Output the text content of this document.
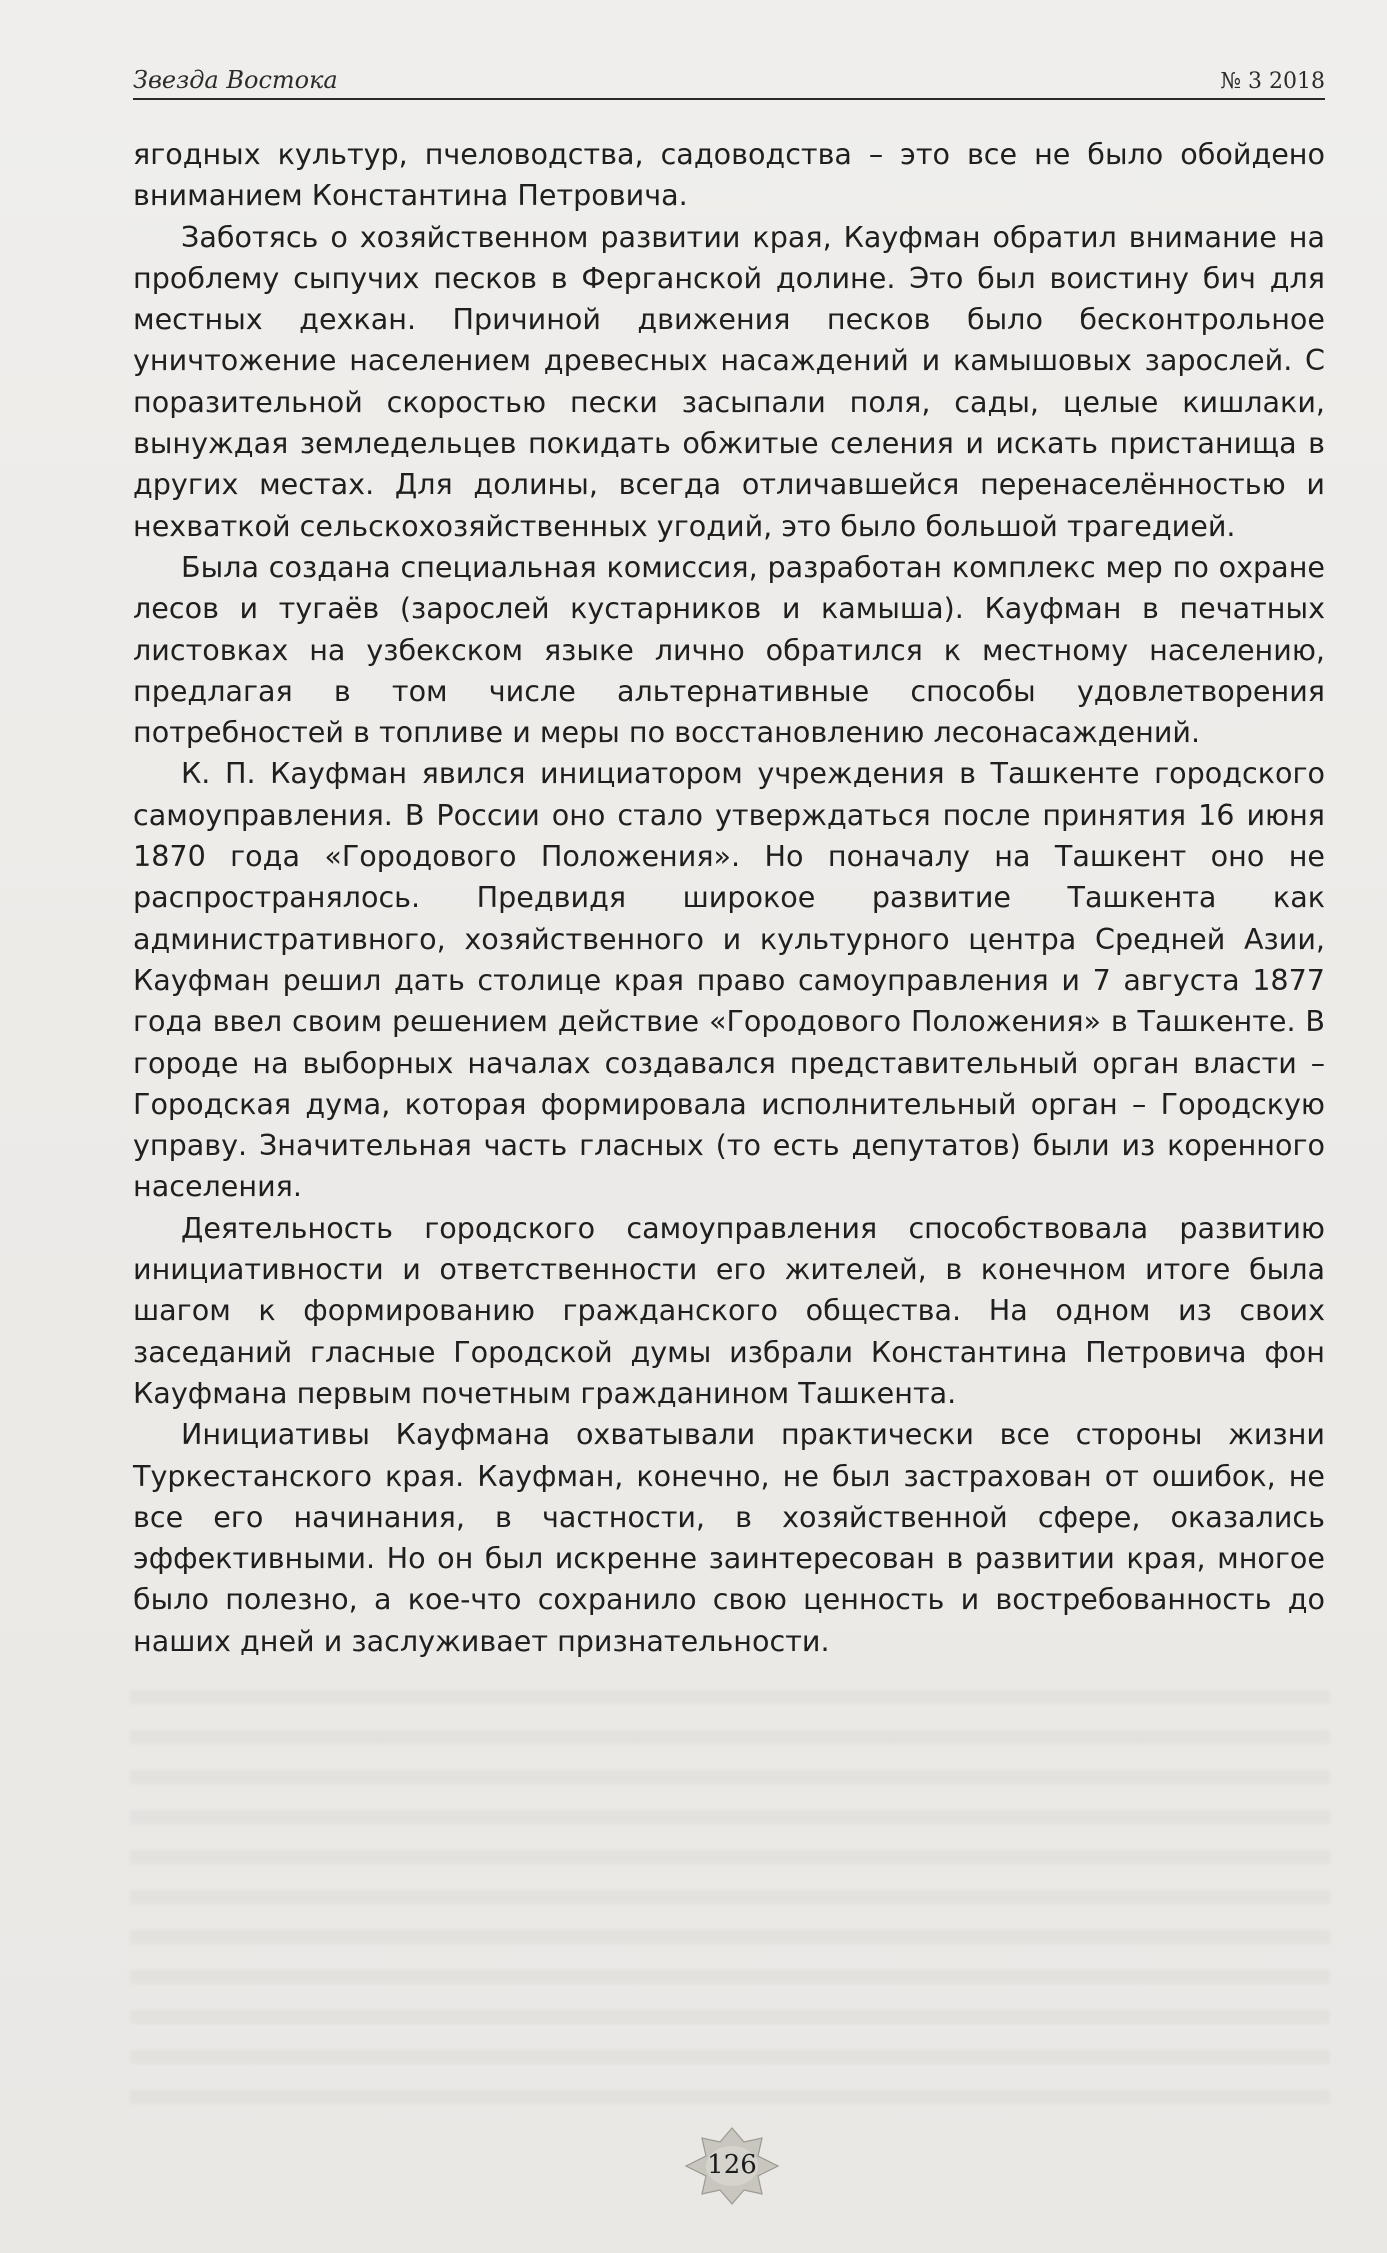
Звезда Востока	№ 3 2018

ягодных культур, пчеловодства, садоводства – это все не было обойдено вниманием Константина Петровича.

Заботясь о хозяйственном развитии края, Кауфман обратил внимание на проблему сыпучих песков в Ферганской долине. Это был воистину бич для местных дехкан. Причиной движения песков было бесконтрольное уничтожение населением древесных насаждений и камышовых зарослей. С поразительной скоростью пески засыпали поля, сады, целые кишлаки, вынуждая земледельцев покидать обжитые селения и искать пристанища в других местах. Для долины, всегда отличавшейся перенаселённостью и нехваткой сельскохозяйственных угодий, это было большой трагедией.

Была создана специальная комиссия, разработан комплекс мер по охране лесов и тугаёв (зарослей кустарников и камыша). Кауфман в печатных листовках на узбекском языке лично обратился к местному населению, предлагая в том числе альтернативные способы удовлетворения потребностей в топливе и меры по восстановлению лесонасаждений.

К. П. Кауфман явился инициатором учреждения в Ташкенте городского самоуправления. В России оно стало утверждаться после принятия 16 июня 1870 года «Городового Положения». Но поначалу на Ташкент оно не распространялось. Предвидя широкое развитие Ташкента как административного, хозяйственного и культурного центра Средней Азии, Кауфман решил дать столице края право самоуправления и 7 августа 1877 года ввел своим решением действие «Городового Положения» в Ташкенте. В городе на выборных началах создавался представительный орган власти – Городская дума, которая формировала исполнительный орган – Городскую управу. Значительная часть гласных (то есть депутатов) были из коренного населения.

Деятельность городского самоуправления способствовала развитию инициативности и ответственности его жителей, в конечном итоге была шагом к формированию гражданского общества. На одном из своих заседаний гласные Городской думы избрали Константина Петровича фон Кауфмана первым почетным гражданином Ташкента.

Инициативы Кауфмана охватывали практически все стороны жизни Туркестанского края. Кауфман, конечно, не был застрахован от ошибок, не все его начинания, в частности, в хозяйственной сфере, оказались эффективными. Но он был искренне заинтересован в развитии края, многое было полезно, а кое-что сохранило свою ценность и востребованность до наших дней и заслуживает признательности.

126
